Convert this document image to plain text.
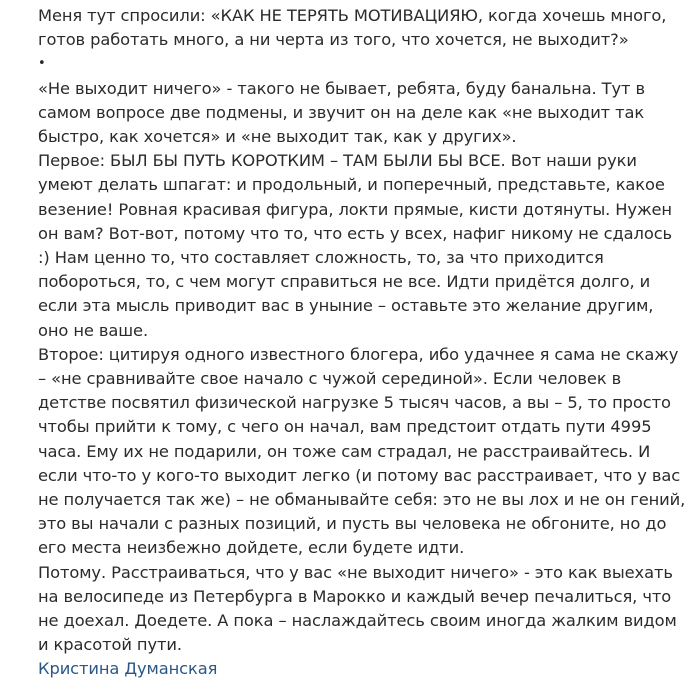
Меня тут спросили: «КАК НЕ ТЕРЯТЬ МОТИВАЦИЯЮ, когда хочешь много, готов работать много, а ни черта из того, что хочется, не выходит?»

•

«Не выходит ничего» - такого не бывает, ребята, буду банальна. Тут в самом вопросе две подмены, и звучит он на деле как «не выходит так быстро, как хочется» и «не выходит так, как у других».

Первое: БЫЛ БЫ ПУТЬ КОРОТКИМ – ТАМ БЫЛИ БЫ ВСЕ. Вот наши руки умеют делать шпагат: и продольный, и поперечный, представьте, какое везение! Ровная красивая фигура, локти прямые, кисти дотянуты. Нужен он вам? Вот-вот, потому что то, что есть у всех, нафиг никому не сдалось :) Нам ценно то, что составляет сложность, то, за что приходится побороться, то, с чем могут справиться не все. Идти придётся долго, и если эта мысль приводит вас в уныние – оставьте это желание другим, оно не ваше.

Второе: цитируя одного известного блогера, ибо удачнее я сама не скажу – «не сравнивайте свое начало с чужой серединой». Если человек в детстве посвятил физической нагрузке 5 тысяч часов, а вы – 5, то просто чтобы прийти к тому, с чего он начал, вам предстоит отдать пути 4995 часа. Ему их не подарили, он тоже сам страдал, не расстраивайтесь. И если что-то у кого-то выходит легко (и потому вас расстраивает, что у вас не получается так же) – не обманывайте себя: это не вы лох и не он гений, это вы начали с разных позиций, и пусть вы человека не обгоните, но до его места неизбежно дойдете, если будете идти.

Потому. Расстраиваться, что у вас «не выходит ничего» - это как выехать на велосипеде из Петербурга в Марокко и каждый вечер печалиться, что не доехал. Доедете. А пока – наслаждайтесь своим иногда жалким видом и красотой пути.

Кристина Думанская
